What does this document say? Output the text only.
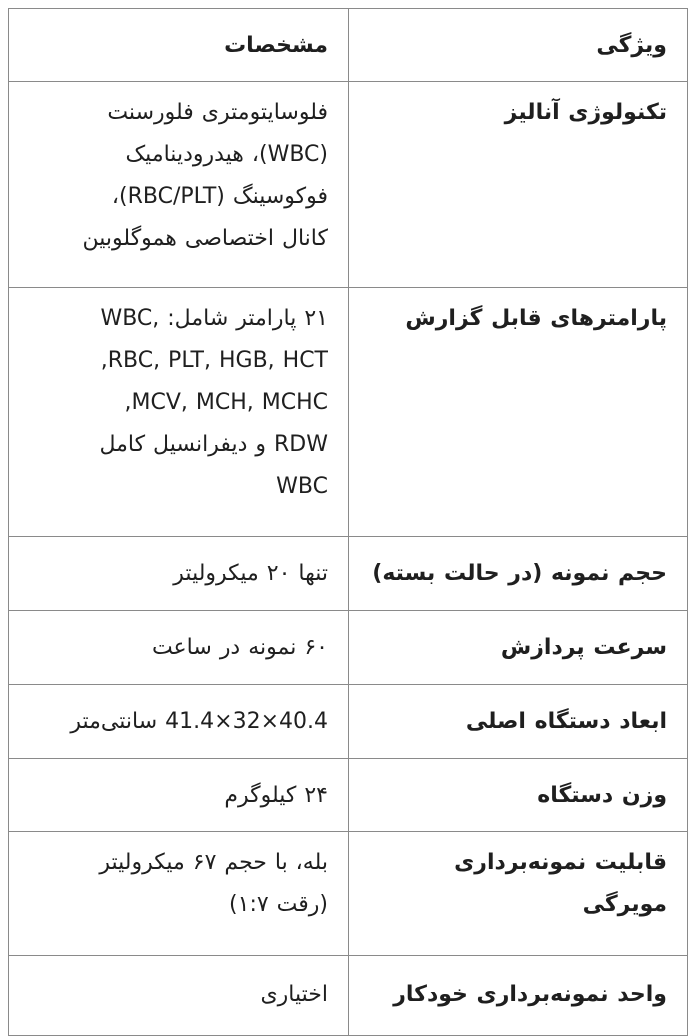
مشخصات	ویژگی

فلوسایتومتری فلورسنت
(WBC)، هیدرودینامیک
فوکوسینگ (RBC/PLT)،
کانال اختصاصی هموگلوبین	تکنولوژی آنالیز

۲۱ پارامتر شامل: ,WBC
RBC, PLT, HGB, HCT,
MCV, MCH, MCHC,
RDW و دیفرانسیل کامل
WBC	پارامترهای قابل گزارش

تنها ۲۰ میکرولیتر	حجم نمونه (در حالت بسته)

۶۰ نمونه در ساعت	سرعت پردازش

40.4×32×41.4 سانتی‌متر	ابعاد دستگاه اصلی

۲۴ کیلوگرم	وزن دستگاه

بله، با حجم ۶۷ میکرولیتر
(رقت ۱:۷)	قابلیت نمونه‌برداری مویرگی

اختیاری	واحد نمونه‌برداری خودکار
